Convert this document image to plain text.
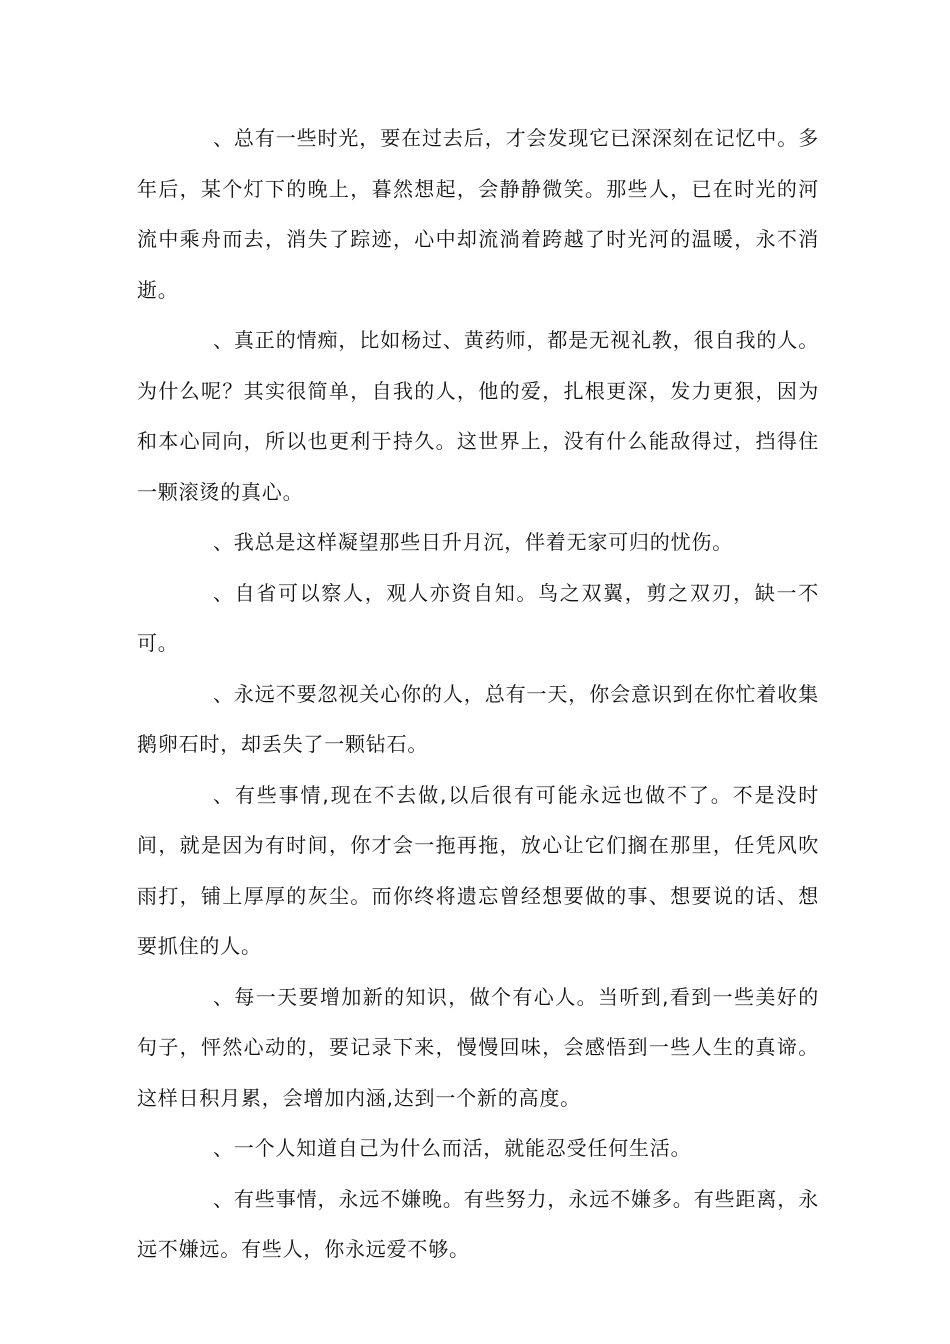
、总有一些时光，要在过去后，才会发现它已深深刻在记忆中。多年后，某个灯下的晚上，暮然想起，会静静微笑。那些人，已在时光的河流中乘舟而去，消失了踪迹，心中却流淌着跨越了时光河的温暖，永不消逝。

、真正的情痴，比如杨过、黄药师，都是无视礼教，很自我的人。为什么呢？其实很简单，自我的人，他的爱，扎根更深，发力更狠，因为和本心同向，所以也更利于持久。这世界上，没有什么能敌得过，挡得住一颗滚烫的真心。

、我总是这样凝望那些日升月沉，伴着无家可归的忧伤。

、自省可以察人，观人亦资自知。鸟之双翼，剪之双刃，缺一不可。

、永远不要忽视关心你的人，总有一天，你会意识到在你忙着收集鹅卵石时，却丢失了一颗钻石。

、有些事情,现在不去做,以后很有可能永远也做不了。不是没时间，就是因为有时间，你才会一拖再拖，放心让它们搁在那里，任凭风吹雨打，铺上厚厚的灰尘。而你终将遗忘曾经想要做的事、想要说的话、想要抓住的人。

、每一天要增加新的知识，做个有心人。当听到,看到一些美好的句子，怦然心动的，要记录下来，慢慢回味，会感悟到一些人生的真谛。这样日积月累，会增加内涵,达到一个新的高度。

、一个人知道自己为什么而活，就能忍受任何生活。

、有些事情，永远不嫌晚。有些努力，永远不嫌多。有些距离，永远不嫌远。有些人，你永远爱不够。
